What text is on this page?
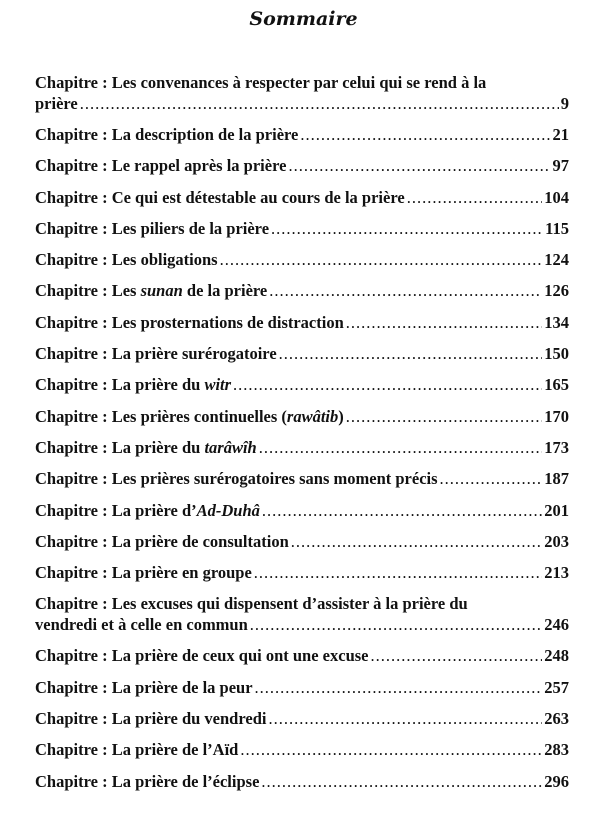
Sommaire
Chapitre : Les convenances à respecter par celui qui se rend à la
prière .....	9
Chapitre : La description de la prière .....	21
Chapitre : Le rappel après la prière .....	97
Chapitre : Ce qui est détestable au cours de la prière .....	104
Chapitre : Les piliers de la prière .....	115
Chapitre : Les obligations .....	124
Chapitre : Les sunan de la prière .....	126
Chapitre : Les prosternations de distraction .....	134
Chapitre : La prière surérogatoire .....	150
Chapitre : La prière du witr .....	165
Chapitre : Les prières continuelles (rawâtib) .....	170
Chapitre : La prière du tarâwîh .....	173
Chapitre : Les prières surérogatoires sans moment précis .....	187
Chapitre : La prière d’Ad-Duhâ .....	201
Chapitre : La prière de consultation .....	203
Chapitre : La prière en groupe .....	213
Chapitre : Les excuses qui dispensent d’assister à la prière du
vendredi et à celle en commun .....	246
Chapitre : La prière de ceux qui ont une excuse .....	248
Chapitre : La prière de la peur .....	257
Chapitre : La prière du vendredi .....	263
Chapitre : La prière de l’Aïd .....	283
Chapitre : La prière de l’éclipse .....	296
